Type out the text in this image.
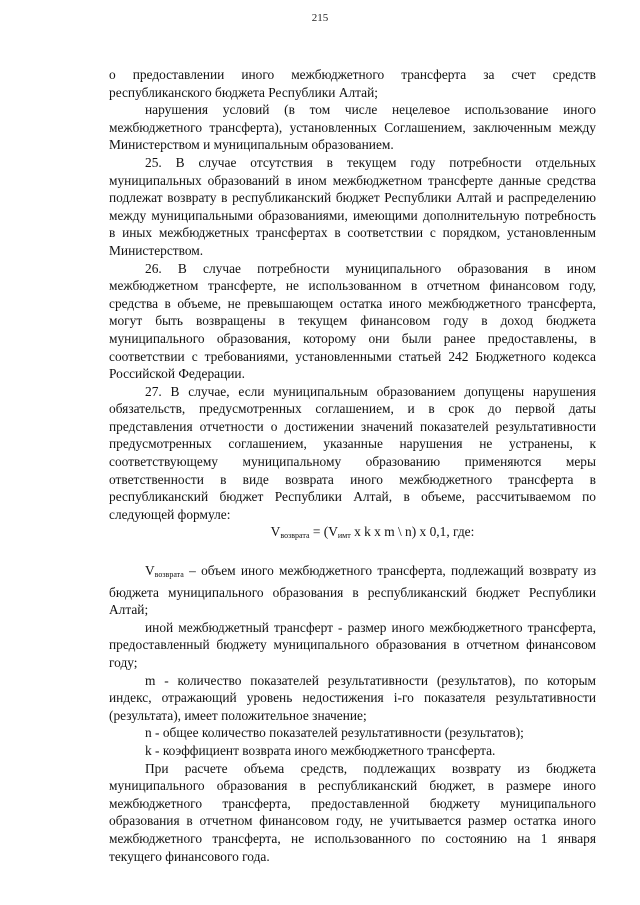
215

о предоставлении иного межбюджетного трансферта за счет средств республиканского бюджета Республики Алтай;

нарушения условий (в том числе нецелевое использование иного межбюджетного трансферта), установленных Соглашением, заключенным между Министерством и муниципальным образованием.

25. В случае отсутствия в текущем году потребности отдельных муниципальных образований в ином межбюджетном трансферте данные средства подлежат возврату в республиканский бюджет Республики Алтай и распределению между муниципальными образованиями, имеющими дополнительную потребность в иных межбюджетных трансфертах в соответствии с порядком, установленным Министерством.

26. В случае потребности муниципального образования в ином межбюджетном трансферте, не использованном в отчетном финансовом году, средства в объеме, не превышающем остатка иного межбюджетного трансферта, могут быть возвращены в текущем финансовом году в доход бюджета муниципального образования, которому они были ранее предоставлены, в соответствии с требованиями, установленными статьей 242 Бюджетного кодекса Российской Федерации.

27. В случае, если муниципальным образованием допущены нарушения обязательств, предусмотренных соглашением, и в срок до первой даты представления отчетности о достижении значений показателей результативности предусмотренных соглашением, указанные нарушения не устранены, к соответствующему муниципальному образованию применяются меры ответственности в виде возврата иного межбюджетного трансферта в республиканский бюджет Республики Алтай, в объеме, рассчитываемом по следующей формуле:

$V_{возврата} = (V_{имт}$ x k x m \ n) x 0,1, где:

$V_{возврата}$ – объем иного межбюджетного трансферта, подлежащий возврату из бюджета муниципального образования в республиканский бюджет Республики Алтай;

иной межбюджетный трансферт - размер иного межбюджетного трансферта, предоставленный бюджету муниципального образования в отчетном финансовом году;

m - количество показателей результативности (результатов), по которым индекс, отражающий уровень недостижения i-го показателя результативности (результата), имеет положительное значение;

n - общее количество показателей результативности (результатов);

k - коэффициент возврата иного межбюджетного трансферта.

При расчете объема средств, подлежащих возврату из бюджета муниципального образования в республиканский бюджет, в размере иного межбюджетного трансферта, предоставленной бюджету муниципального образования в отчетном финансовом году, не учитывается размер остатка иного межбюджетного трансферта, не использованного по состоянию на 1 января текущего финансового года.
